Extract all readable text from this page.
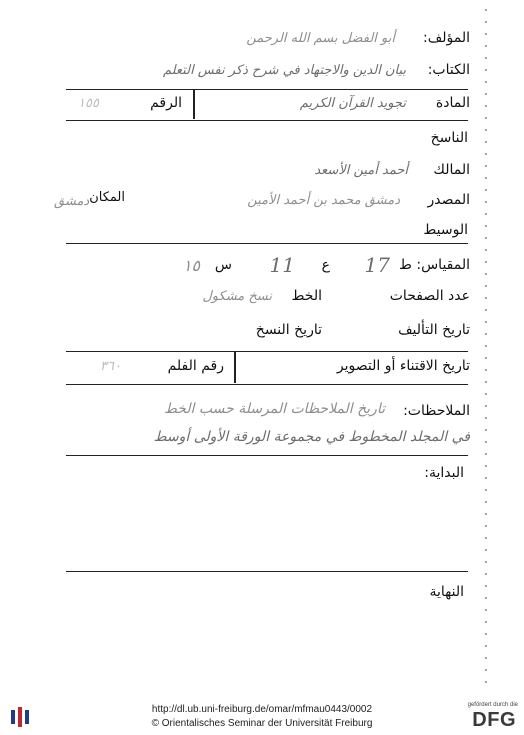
المؤلف:
أبو الفضل بسم الله الرحمن
الكتاب:
بيان الدين والاجتهاد في شرح ذكر نفس التعلم
المادة
تجويد القرآن الكريم
الرقم
١٥٥
الناسخ
المالك
أحمد أمين الأسعد
المصدر
دمشق محمد بن أحمد الأمين
المكان
دمشق
الوسيط
المقياس: ط
17
ع
11
س
١٥
عدد الصفحات
الخط
نسخ مشكول
تاريخ التأليف
تاريخ النسخ
تاريخ الاقتناء أو التصوير
رقم الفلم
٣٦٠
الملاحظات:
تاريخ الملاحظات المرسلة حسب الخط
في المجلد المخطوط في مجموعة الورقة الأولى أوسط
البداية:
النهاية
http://dl.ub.uni-freiburg.de/omar/mfmau0443/0002
© Orientalisches Seminar der Universität Freiburg
gefördert durch die
DFG
